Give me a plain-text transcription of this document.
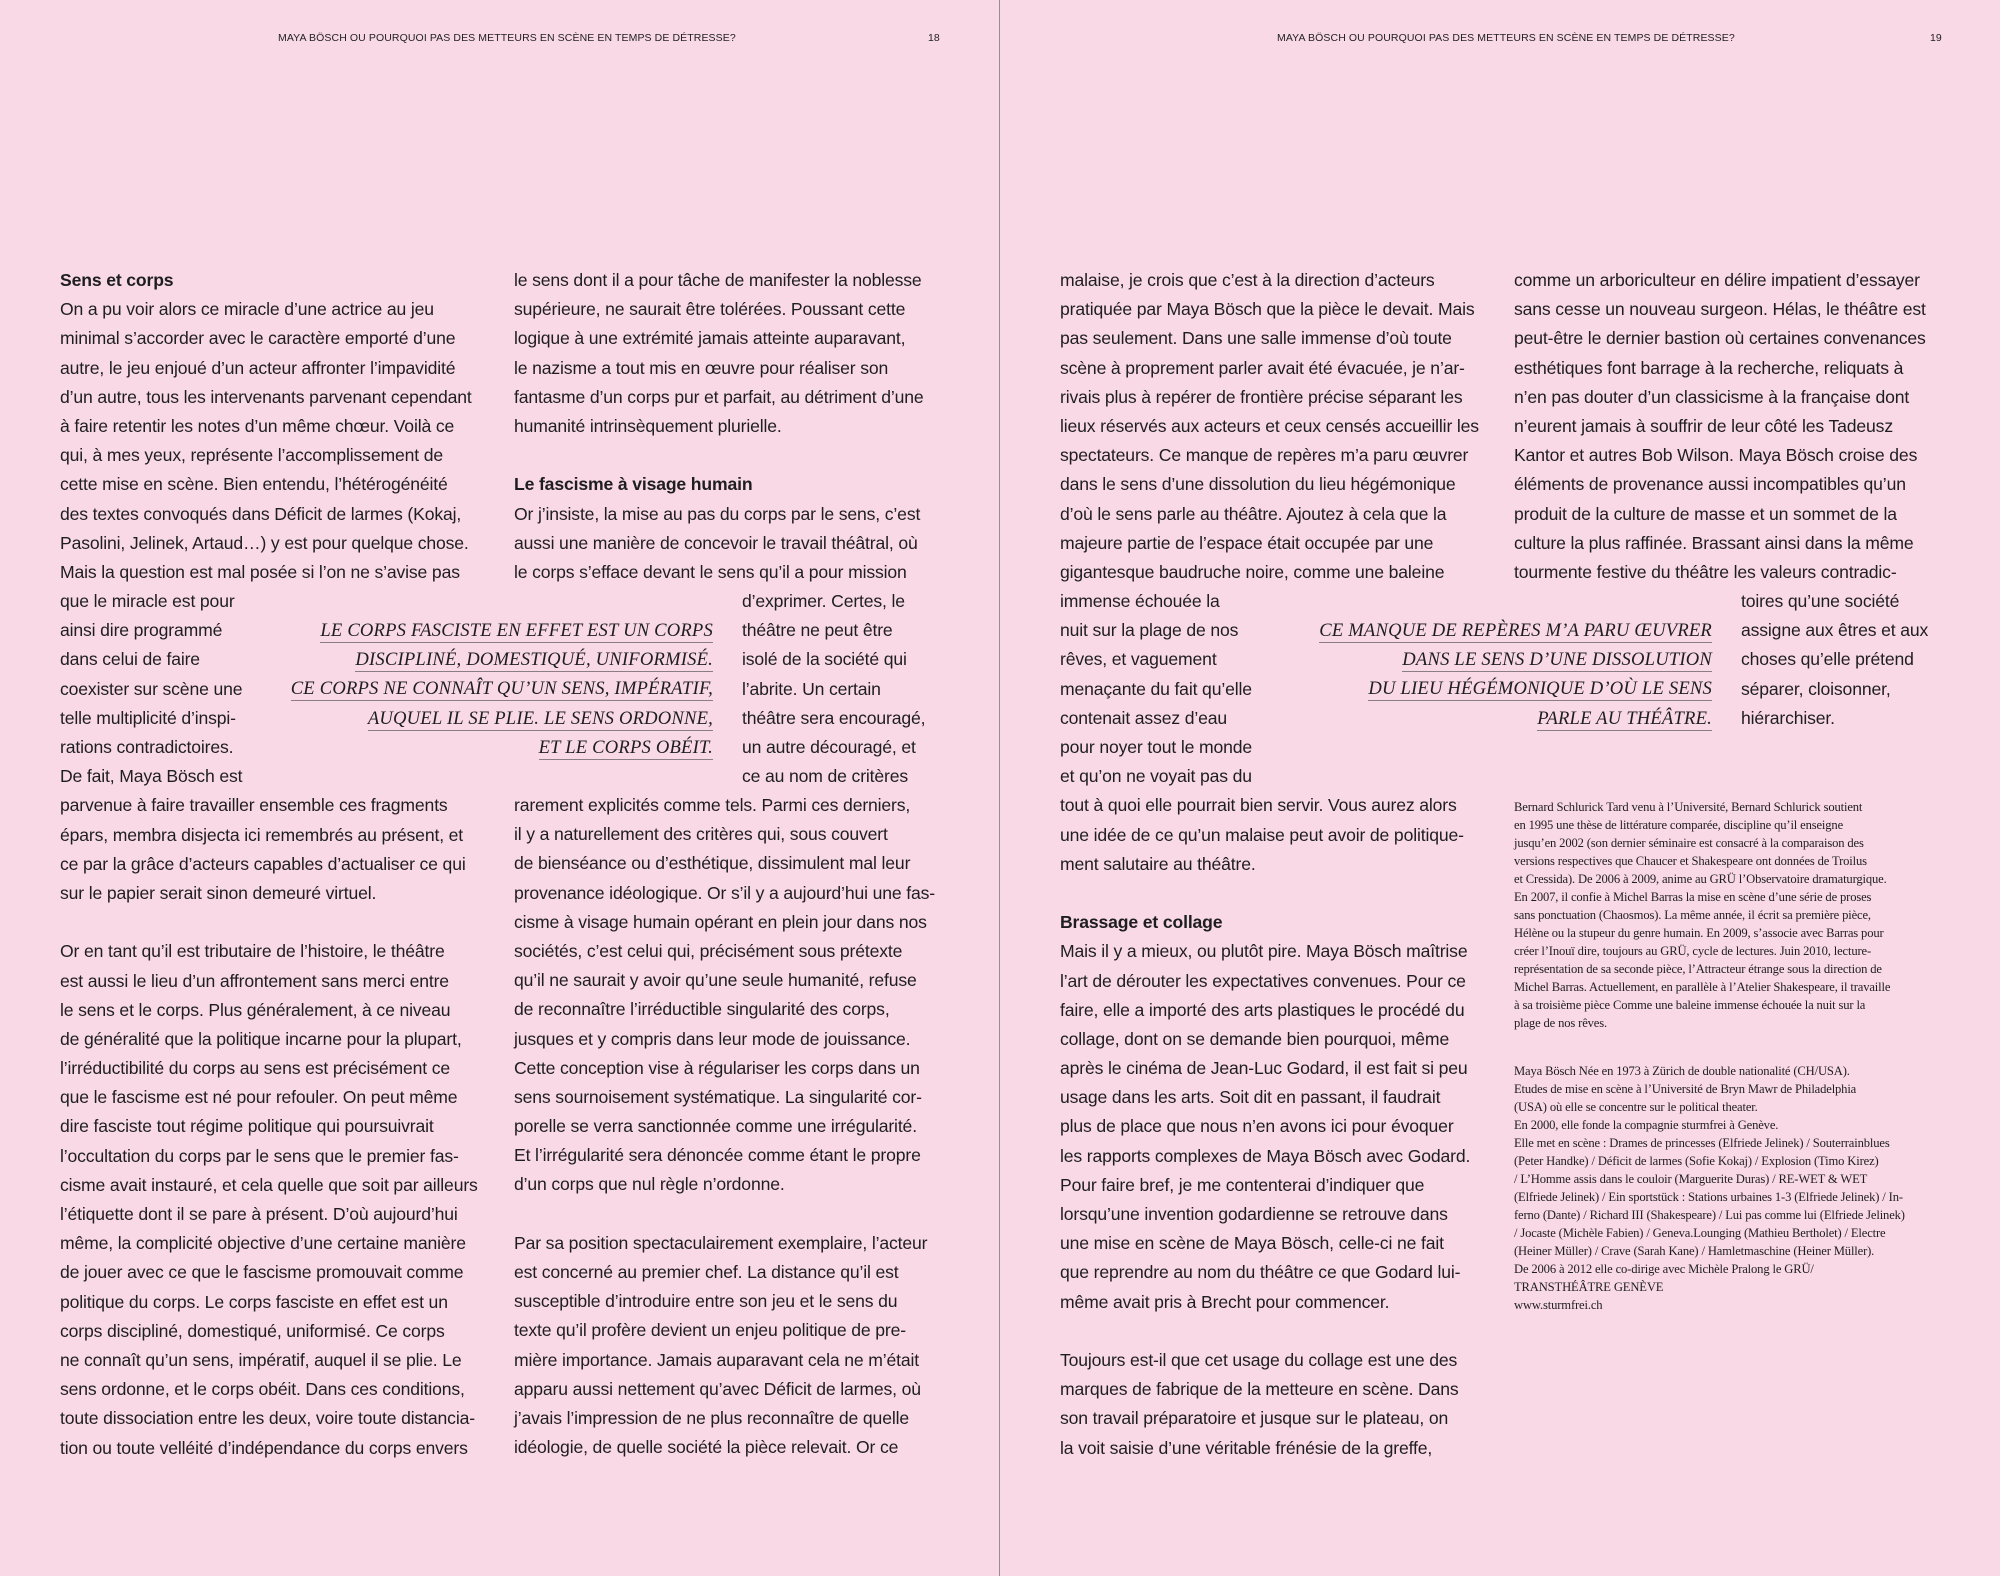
MAYA BÖSCH OU POURQUOI PAS DES METTEURS EN SCÈNE EN TEMPS DE DÉTRESSE?	18
Sens et corps
On a pu voir alors ce miracle d’une actrice au jeu
minimal s’accorder avec le caractère emporté d’une
autre, le jeu enjoué d’un acteur affronter l’impavidité
d’un autre, tous les intervenants parvenant cependant
à faire retentir les notes d’un même chœur. Voilà ce
qui, à mes yeux, représente l’accomplissement de
cette mise en scène. Bien entendu, l’hétérogénéité
des textes convoqués dans Déficit de larmes (Kokaj,
Pasolini, Jelinek, Artaud…) y est pour quelque chose.
Mais la question est mal posée si l’on ne s’avise pas
que le miracle est pour
ainsi dire programmé
dans celui de faire
coexister sur scène une
telle multiplicité d’inspi-
rations contradictoires.
De fait, Maya Bösch est
parvenue à faire travailler ensemble ces fragments
épars, membra disjecta ici remembrés au présent, et
ce par la grâce d’acteurs capables d’actualiser ce qui
sur le papier serait sinon demeuré virtuel.

Or en tant qu’il est tributaire de l’histoire, le théâtre
est aussi le lieu d’un affrontement sans merci entre
le sens et le corps. Plus généralement, à ce niveau
de généralité que la politique incarne pour la plupart,
l’irréductibilité du corps au sens est précisément ce
que le fascisme est né pour refouler. On peut même
dire fasciste tout régime politique qui poursuivrait
l’occultation du corps par le sens que le premier fas-
cisme avait instauré, et cela quelle que soit par ailleurs
l’étiquette dont il se pare à présent. D’où aujourd’hui
même, la complicité objective d’une certaine manière
de jouer avec ce que le fascisme promouvait comme
politique du corps. Le corps fasciste en effet est un
corps discipliné, domestiqué, uniformisé. Ce corps
ne connaît qu’un sens, impératif, auquel il se plie. Le
sens ordonne, et le corps obéit. Dans ces conditions,
toute dissociation entre les deux, voire toute distancia-
tion ou toute velléité d’indépendance du corps envers
le sens dont il a pour tâche de manifester la noblesse
supérieure, ne saurait être tolérées. Poussant cette
logique à une extrémité jamais atteinte auparavant,
le nazisme a tout mis en œuvre pour réaliser son
fantasme d’un corps pur et parfait, au détriment d’une
humanité intrinsèquement plurielle.

Le fascisme à visage humain
Or j’insiste, la mise au pas du corps par le sens, c’est
aussi une manière de concevoir le travail théâtral, où
le corps s’efface devant le sens qu’il a pour mission
d’exprimer. Certes, le
théâtre ne peut être
isolé de la société qui
l’abrite. Un certain
théâtre sera encouragé,
un autre découragé, et
ce au nom de critères
rarement explicités comme tels. Parmi ces derniers,
il y a naturellement des critères qui, sous couvert
de bienséance ou d’esthétique, dissimulent mal leur
provenance idéologique. Or s’il y a aujourd’hui une fas-
cisme à visage humain opérant en plein jour dans nos
sociétés, c’est celui qui, précisément sous prétexte
qu’il ne saurait y avoir qu’une seule humanité, refuse
de reconnaître l’irréductible singularité des corps,
jusques et y compris dans leur mode de jouissance.
Cette conception vise à régulariser les corps dans un
sens sournoisement systématique. La singularité cor-
porelle se verra sanctionnée comme une irrégularité.
Et l’irrégularité sera dénoncée comme étant le propre
d’un corps que nul règle n’ordonne.

Par sa position spectaculairement exemplaire, l’acteur
est concerné au premier chef. La distance qu’il est
susceptible d’introduire entre son jeu et le sens du
texte qu’il profère devient un enjeu politique de pre-
mière importance. Jamais auparavant cela ne m’était
apparu aussi nettement qu’avec Déficit de larmes, où
j’avais l’impression de ne plus reconnaître de quelle
idéologie, de quelle société la pièce relevait. Or ce
LE CORPS FASCISTE EN EFFET EST UN CORPS
DISCIPLINÉ, DOMESTIQUÉ, UNIFORMISÉ.
CE CORPS NE CONNAÎT QU’UN SENS, IMPÉRATIF,
AUQUEL IL SE PLIE. LE SENS ORDONNE,
ET LE CORPS OBÉIT.
MAYA BÖSCH OU POURQUOI PAS DES METTEURS EN SCÈNE EN TEMPS DE DÉTRESSE?	19
malaise, je crois que c’est à la direction d’acteurs
pratiquée par Maya Bösch que la pièce le devait. Mais
pas seulement. Dans une salle immense d’où toute
scène à proprement parler avait été évacuée, je n’ar-
rivais plus à repérer de frontière précise séparant les
lieux réservés aux acteurs et ceux censés accueillir les
spectateurs. Ce manque de repères m’a paru œuvrer
dans le sens d’une dissolution du lieu hégémonique
d’où le sens parle au théâtre. Ajoutez à cela que la
majeure partie de l’espace était occupée par une
gigantesque baudruche noire, comme une baleine
immense échouée la
nuit sur la plage de nos
rêves, et vaguement
menaçante du fait qu’elle
contenait assez d’eau
pour noyer tout le monde
et qu’on ne voyait pas du
tout à quoi elle pourrait bien servir. Vous aurez alors
une idée de ce qu’un malaise peut avoir de politique-
ment salutaire au théâtre.

Brassage et collage
Mais il y a mieux, ou plutôt pire. Maya Bösch maîtrise
l’art de dérouter les expectatives convenues. Pour ce
faire, elle a importé des arts plastiques le procédé du
collage, dont on se demande bien pourquoi, même
après le cinéma de Jean-Luc Godard, il est fait si peu
usage dans les arts. Soit dit en passant, il faudrait
plus de place que nous n’en avons ici pour évoquer
les rapports complexes de Maya Bösch avec Godard.
Pour faire bref, je me contenterai d’indiquer que
lorsqu’une invention godardienne se retrouve dans
une mise en scène de Maya Bösch, celle-ci ne fait
que reprendre au nom du théâtre ce que Godard lui-
même avait pris à Brecht pour commencer.

Toujours est-il que cet usage du collage est une des
marques de fabrique de la metteure en scène. Dans
son travail préparatoire et jusque sur le plateau, on
la voit saisie d’une véritable frénésie de la greffe,
comme un arboriculteur en délire impatient d’essayer
sans cesse un nouveau surgeon. Hélas, le théâtre est
peut-être le dernier bastion où certaines convenances
esthétiques font barrage à la recherche, reliquats à
n’en pas douter d’un classicisme à la française dont
n’eurent jamais à souffrir de leur côté les Tadeusz
Kantor et autres Bob Wilson. Maya Bösch croise des
éléments de provenance aussi incompatibles qu’un
produit de la culture de masse et un sommet de la
culture la plus raffinée. Brassant ainsi dans la même
tourmente festive du théâtre les valeurs contradic-
toires qu’une société
assigne aux êtres et aux
choses qu’elle prétend
séparer, cloisonner,
hiérarchiser.
CE MANQUE DE REPÈRES M’A PARU ŒUVRER
DANS LE SENS D’UNE DISSOLUTION
DU LIEU HÉGÉMONIQUE D’OÙ LE SENS
PARLE AU THÉÂTRE.
Bernard Schlurick Tard venu à l’Université, Bernard Schlurick soutient
en 1995 une thèse de littérature comparée, discipline qu’il enseigne
jusqu’en 2002 (son dernier séminaire est consacré à la comparaison des
versions respectives que Chaucer et Shakespeare ont données de Troilus
et Cressida). De 2006 à 2009, anime au GRÜ l’Observatoire dramaturgique.
En 2007, il confie à Michel Barras la mise en scène d’une série de proses
sans ponctuation (Chaosmos). La même année, il écrit sa première pièce,
Hélène ou la stupeur du genre humain. En 2009, s’associe avec Barras pour
créer l’Inouï dire, toujours au GRÜ, cycle de lectures. Juin 2010, lecture-
représentation de sa seconde pièce, l’Attracteur étrange sous la direction de
Michel Barras. Actuellement, en parallèle à l’Atelier Shakespeare, il travaille
à sa troisième pièce Comme une baleine immense échouée la nuit sur la
plage de nos rêves.
Maya Bösch Née en 1973 à Zürich de double nationalité (CH/USA).
Etudes de mise en scène à l’Université de Bryn Mawr de Philadelphia
(USA) où elle se concentre sur le political theater.
En 2000, elle fonde la compagnie sturmfrei à Genève.
Elle met en scène : Drames de princesses (Elfriede Jelinek) / Souterrainblues
(Peter Handke) / Déficit de larmes (Sofie Kokaj) / Explosion (Timo Kirez)
/ L’Homme assis dans le couloir (Marguerite Duras) / RE-WET & WET
(Elfriede Jelinek) / Ein sportstück : Stations urbaines 1-3 (Elfriede Jelinek) / In-
ferno (Dante) / Richard III (Shakespeare) / Lui pas comme lui (Elfriede Jelinek)
/ Jocaste (Michèle Fabien) / Geneva.Lounging (Mathieu Bertholet) / Electre
(Heiner Müller) / Crave (Sarah Kane) / Hamletmaschine (Heiner Müller).
De 2006 à 2012 elle co-dirige avec Michèle Pralong le GRÜ/
TRANSTHÉÂTRE GENÈVE
www.sturmfrei.ch
